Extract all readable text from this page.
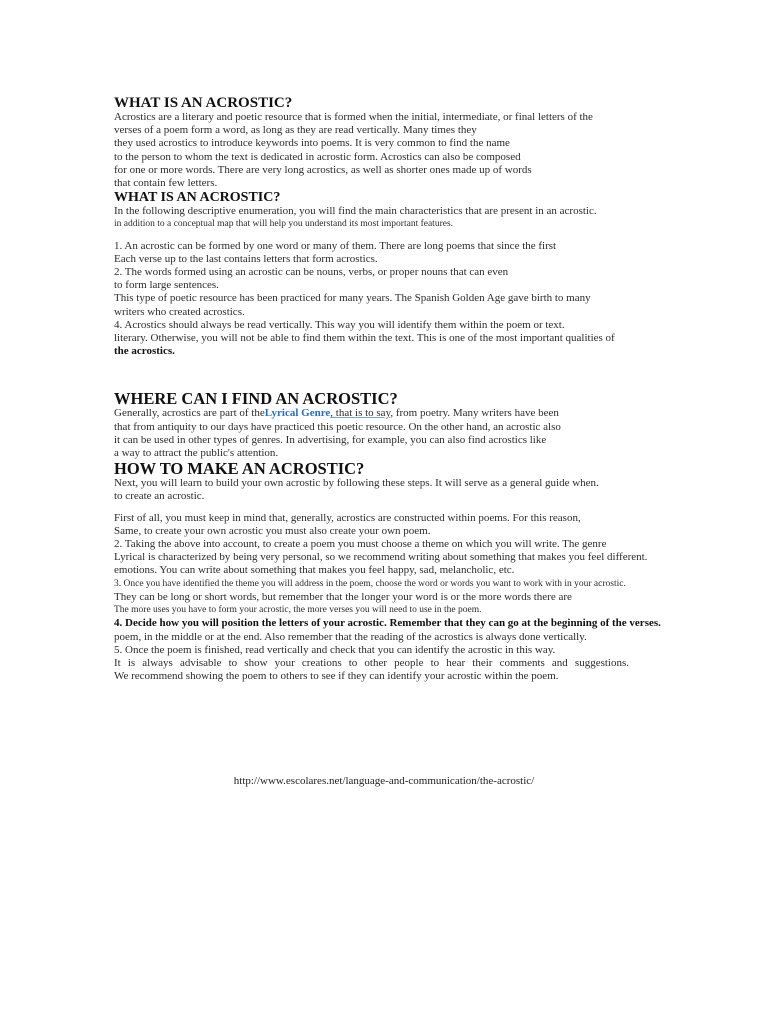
WHAT IS AN ACROSTIC?
Acrostics are a literary and poetic resource that is formed when the initial, intermediate, or final letters of the
verses of a poem form a word, as long as they are read vertically. Many times they
they used acrostics to introduce keywords into poems. It is very common to find the name
to the person to whom the text is dedicated in acrostic form. Acrostics can also be composed
for one or more words. There are very long acrostics, as well as shorter ones made up of words
that contain few letters.
WHAT IS AN ACROSTIC?
In the following descriptive enumeration, you will find the main characteristics that are present in an acrostic.
in addition to a conceptual map that will help you understand its most important features.
1. An acrostic can be formed by one word or many of them. There are long poems that since the first
Each verse up to the last contains letters that form acrostics.
2. The words formed using an acrostic can be nouns, verbs, or proper nouns that can even
to form large sentences.
This type of poetic resource has been practiced for many years. The Spanish Golden Age gave birth to many
writers who created acrostics.
4. Acrostics should always be read vertically. This way you will identify them within the poem or text.
literary. Otherwise, you will not be able to find them within the text. This is one of the most important qualities of
the acrostics.
WHERE CAN I FIND AN ACROSTIC?
Generally, acrostics are part of theLyrical Genre, that is to say, from poetry. Many writers have been
that from antiquity to our days have practiced this poetic resource. On the other hand, an acrostic also
it can be used in other types of genres. In advertising, for example, you can also find acrostics like
a way to attract the public's attention.
HOW TO MAKE AN ACROSTIC?
Next, you will learn to build your own acrostic by following these steps. It will serve as a general guide when.
to create an acrostic.
First of all, you must keep in mind that, generally, acrostics are constructed within poems. For this reason,
Same, to create your own acrostic you must also create your own poem.
2. Taking the above into account, to create a poem you must choose a theme on which you will write. The genre
Lyrical is characterized by being very personal, so we recommend writing about something that makes you feel different.
emotions. You can write about something that makes you feel happy, sad, melancholic, etc.
3. Once you have identified the theme you will address in the poem, choose the word or words you want to work with in your acrostic.
They can be long or short words, but remember that the longer your word is or the more words there are
The more uses you have to form your acrostic, the more verses you will need to use in the poem.
4. Decide how you will position the letters of your acrostic. Remember that they can go at the beginning of the verses.
poem, in the middle or at the end. Also remember that the reading of the acrostics is always done vertically.
5. Once the poem is finished, read vertically and check that you can identify the acrostic in this way.
It is always advisable to show your creations to other people to hear their comments and suggestions.
We recommend showing the poem to others to see if they can identify your acrostic within the poem.
http://www.escolares.net/language-and-communication/the-acrostic/
